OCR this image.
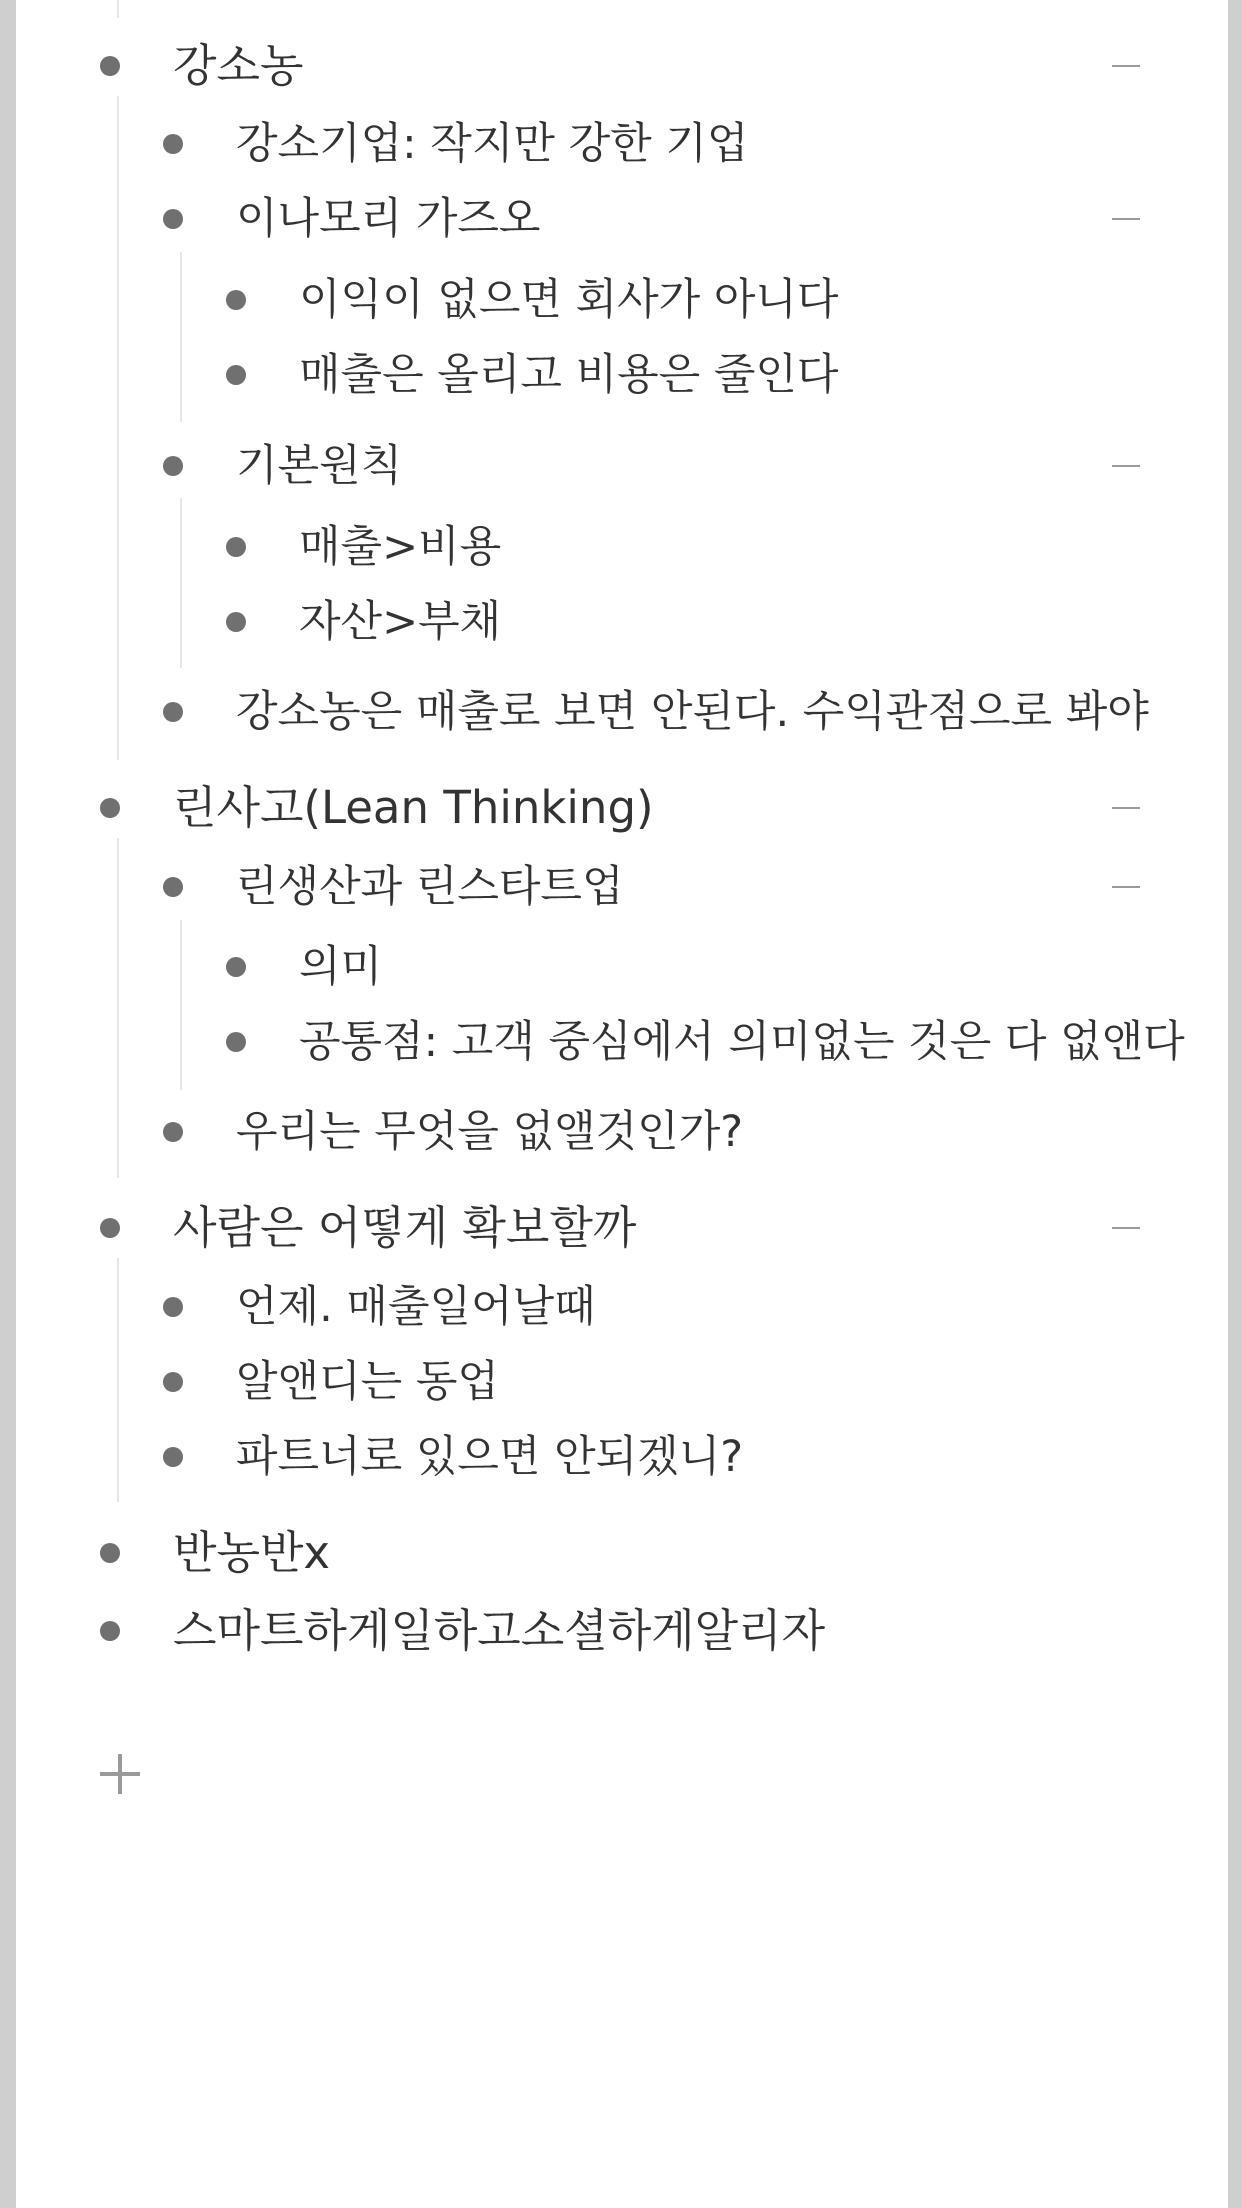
강소농
강소기업: 작지만 강한 기업
이나모리 가즈오
이익이 없으면 회사가 아니다
매출은 올리고 비용은 줄인다
기본원칙
매출>비용
자산>부채
강소농은 매출로 보면 안된다. 수익관점으로 봐야
린사고(Lean Thinking)
린생산과 린스타트업
의미
공통점: 고객 중심에서 의미없는 것은 다 없앤다
우리는 무엇을 없앨것인가?
사람은 어떻게 확보할까
언제. 매출일어날때
알앤디는 동업
파트너로 있으면 안되겠니?
반농반x
스마트하게일하고소셜하게알리자
